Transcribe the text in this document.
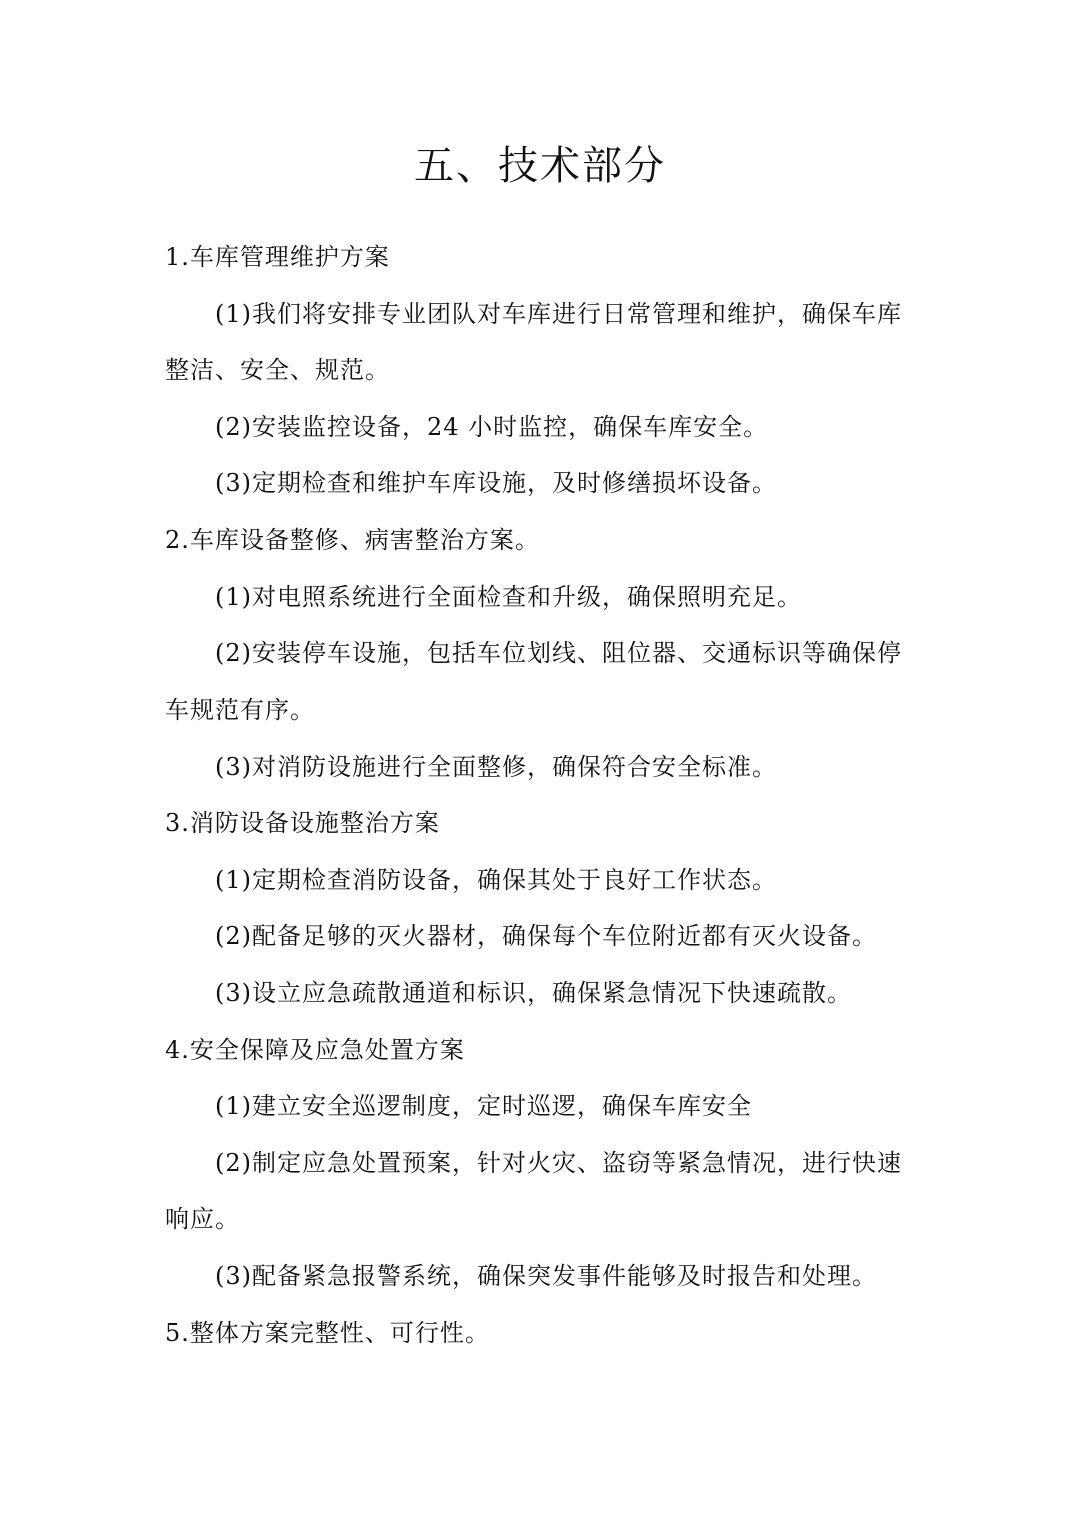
五、技术部分

1.车库管理维护方案

(1)我们将安排专业团队对车库进行日常管理和维护，确保车库

整洁、安全、规范。

(2)安装监控设备，24 小时监控，确保车库安全。

(3)定期检查和维护车库设施，及时修缮损坏设备。

2.车库设备整修、病害整治方案。

(1)对电照系统进行全面检查和升级，确保照明充足。

(2)安装停车设施，包括车位划线、阻位器、交通标识等确保停

车规范有序。

(3)对消防设施进行全面整修，确保符合安全标准。

3.消防设备设施整治方案

(1)定期检查消防设备，确保其处于良好工作状态。

(2)配备足够的灭火器材，确保每个车位附近都有灭火设备。

(3)设立应急疏散通道和标识，确保紧急情况下快速疏散。

4.安全保障及应急处置方案

(1)建立安全巡逻制度，定时巡逻，确保车库安全

(2)制定应急处置预案，针对火灾、盗窃等紧急情况，进行快速

响应。

(3)配备紧急报警系统，确保突发事件能够及时报告和处理。

5.整体方案完整性、可行性。
